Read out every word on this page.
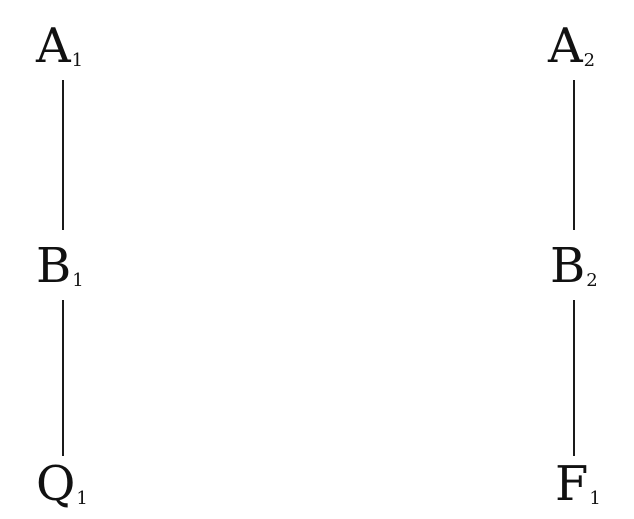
A1
B1
Q1
A2
B2
F1
